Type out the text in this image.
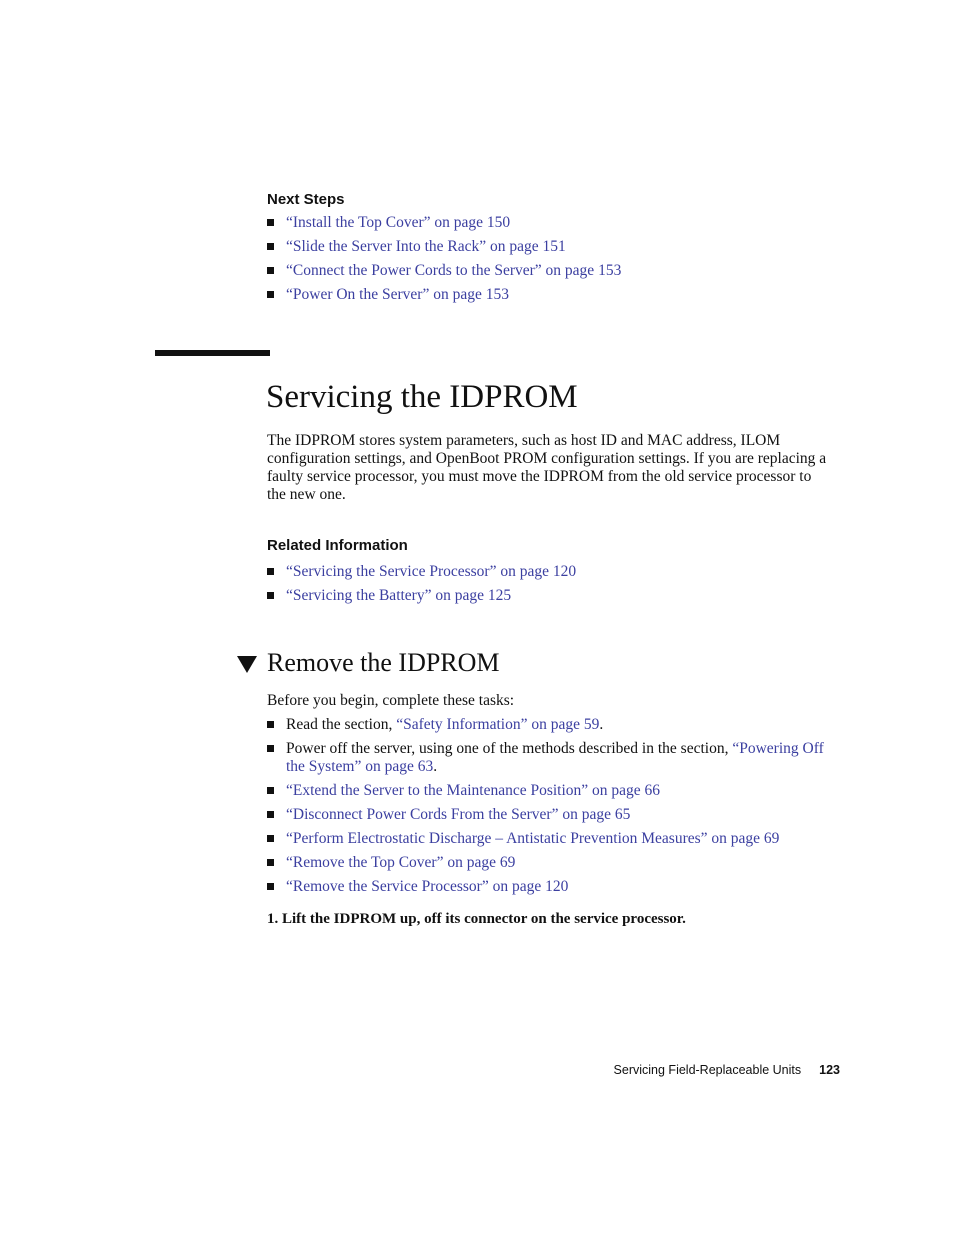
Next Steps
“Install the Top Cover” on page 150
“Slide the Server Into the Rack” on page 151
“Connect the Power Cords to the Server” on page 153
“Power On the Server” on page 153
Servicing the IDPROM

The IDPROM stores system parameters, such as host ID and MAC address, ILOM configuration settings, and OpenBoot PROM configuration settings. If you are replacing a faulty service processor, you must move the IDPROM from the old service processor to the new one.

Related Information
“Servicing the Service Processor” on page 120
“Servicing the Battery” on page 125
Remove the IDPROM

Before you begin, complete these tasks:

Read the section, “Safety Information” on page 59.
Power off the server, using one of the methods described in the section, “Powering Off the System” on page 63.
“Extend the Server to the Maintenance Position” on page 66
“Disconnect Power Cords From the Server” on page 65
“Perform Electrostatic Discharge – Antistatic Prevention Measures” on page 69
“Remove the Top Cover” on page 69
“Remove the Service Processor” on page 120

1. Lift the IDPROM up, off its connector on the service processor.

Servicing Field-Replaceable Units 123
